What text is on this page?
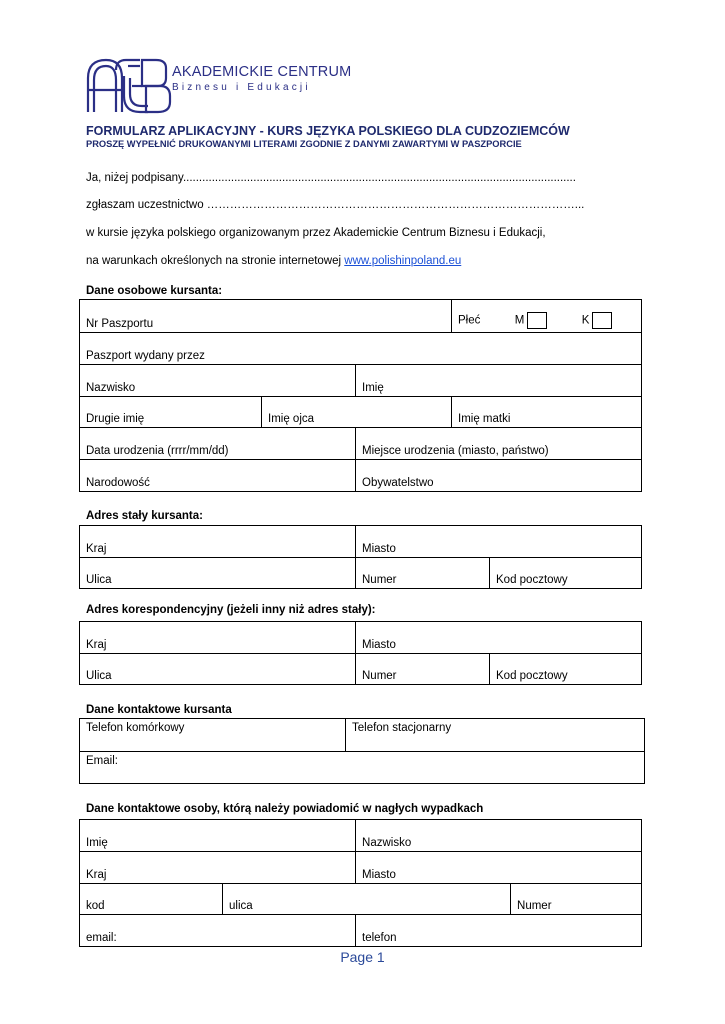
AKADEMICKIE CENTRUM
Biznesu i Edukacji
FORMULARZ APLIKACYJNY - KURS JĘZYKA POLSKIEGO DLA CUDZOZIEMCÓW
PROSZĘ WYPEŁNIĆ DRUKOWANYMI LITERAMI ZGODNIE Z DANYMI ZAWARTYMI W PASZPORCIE
Ja, niżej podpisany...........................................................................................................................
zgłaszam uczestnictwo ……………………………………………………………………………………...
w kursie języka polskiego organizowanym przez Akademickie Centrum Biznesu i Edukacji,
na warunkach określonych na stronie internetowej www.polishinpoland.eu
Dane osobowe kursanta:
Nr Paszportu			Płeć M K
Paszport wydany przez			
Nazwisko		Imię	
Drugie imię	Imię ojca		Imię matki
Data urodzenia (rrrr/mm/dd)		Miejsce urodzenia (miasto, państwo)	
Narodowość		Obywatelstwo	
Adres stały kursanta:
Kraj	Miasto	
Ulica	Numer	Kod pocztowy
Adres korespondencyjny (jeżeli inny niż adres stały):
Kraj	Miasto	
Ulica	Numer	Kod pocztowy
Dane kontaktowe kursanta
Telefon komórkowy	Telefon stacjonarny
Email:
Dane kontaktowe osoby, którą należy powiadomić w nagłych wypadkach
Imię		Nazwisko	
Kraj		Miasto	
kod	ulica		Numer
email:		telefon	
Page 1
